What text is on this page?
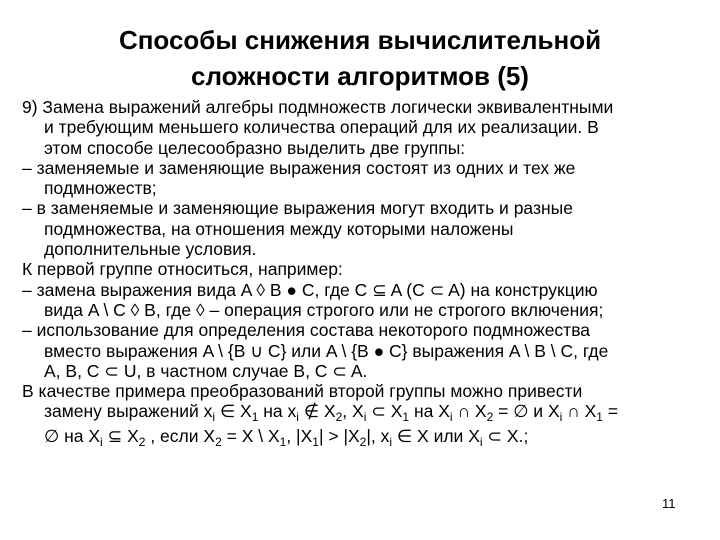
Способы снижения вычислительной
сложности алгоритмов (5)
9) Замена выражений алгебры подмножеств логически эквивалентными
и требующим меньшего количества операций для их реализации. В
этом способе целесообразно выделить две группы:
– заменяемые и заменяющие выражения состоят из одних и тех же
подмножеств;
– в заменяемые и заменяющие выражения могут входить и разные
подмножества, на отношения между которыми наложены
дополнительные условия.
К первой группе относиться, например:
– замена выражения вида A ◊ B ● C, где C ⊆ A (C ⊂ A) на конструкцию
вида A \ C ◊ B, где ◊ – операция строгого или не строгого включения;
– использование для определения состава некоторого подмножества
вместо выражения A \ {B ∪ C} или A \ {B ● C} выражения A \ B \ C, где
A, B, C ⊂ U, в частном случае B, C ⊂ A.
В качестве примера преобразований второй группы можно привести
замену выражений $x_i$ ∈ $X_1$ на $x_i$ ∉ $X_2$, $X_i$ ⊂ $X_1$ на $X_i$ ∩ $X_2$ = ∅ и $X_i$ ∩ $X_1$ =
∅ на $X_i$ ⊆ $X_2$ , если $X_2 = X$ \ $X_1$, $|X_1| > |X_2|$, $x_i$ ∈ X или $X_i$ ⊂ X.;
11
